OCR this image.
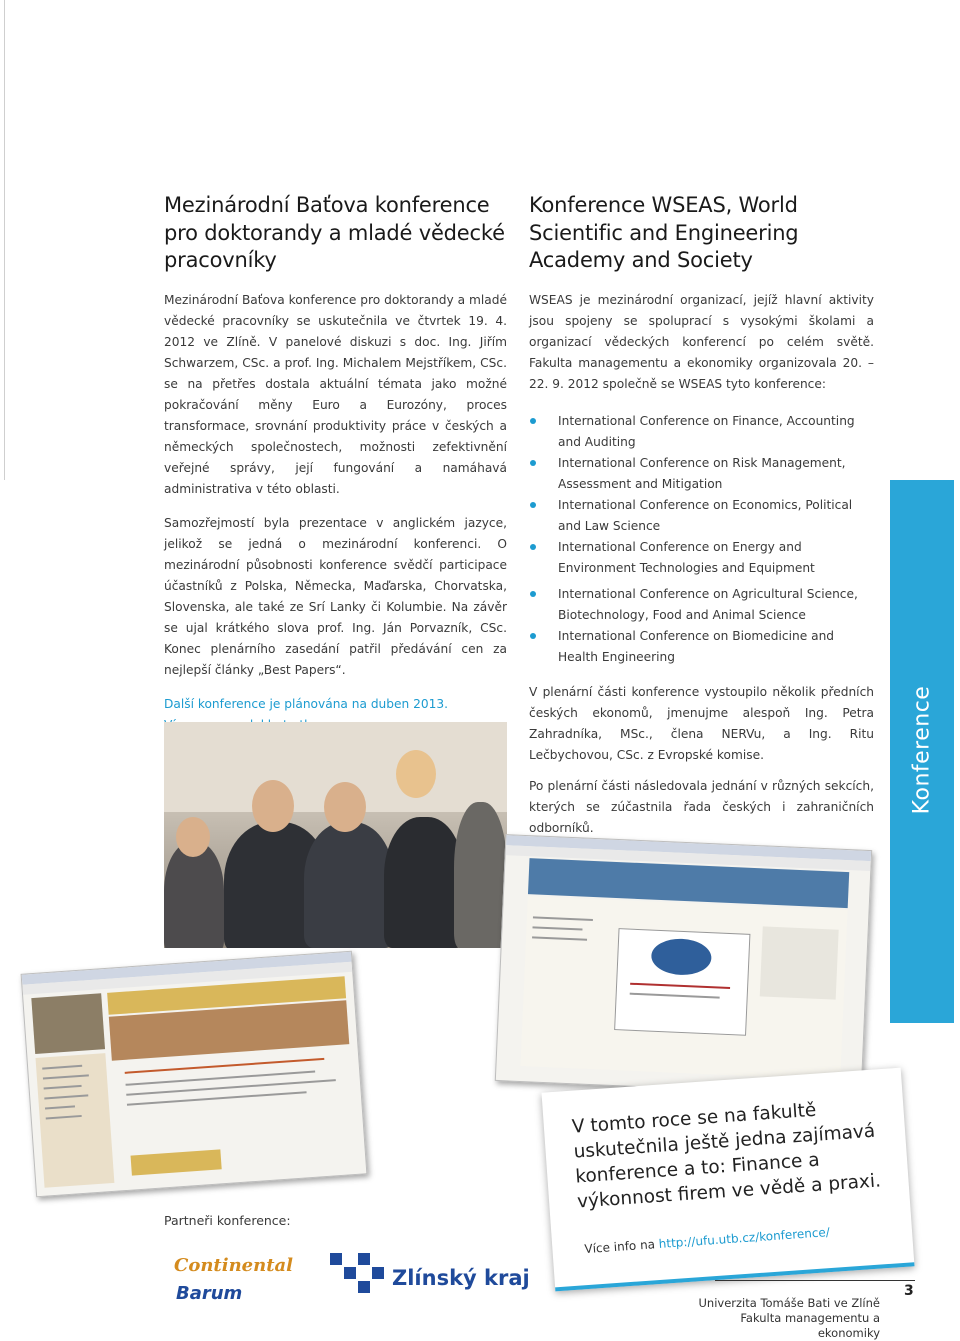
Mezinárodní Baťova konference
pro doktorandy a mladé vědecké
pracovníky

Mezinárodní Baťova konference pro doktorandy a mladé vědecké pracovníky se uskutečnila ve čtvrtek 19. 4. 2012 ve Zlíně. V panelové diskuzi s doc. Ing. Jiřím Schwarzem, CSc. a prof. Ing. Michalem Mejstříkem, CSc. se na přetřes dostala aktuální témata jako možné pokračování měny Euro a Eurozóny, proces transformace, srovnání produktivity práce v českých a německých společnostech, možnosti zefektivnění veřejné správy, její fungování a namáhavá administrativa v této oblasti.

Samozřejmostí byla prezentace v anglickém jazyce, jelikož se jedná o mezinárodní konferenci. O mezinárodní působnosti konference svědčí participace účastníků z Polska, Německa, Maďarska, Chorvatska, Slovenska, ale také ze Srí Lanky či Kolumbie. Na závěr se ujal krátkého slova prof. Ing. Ján Porvazník, CSc. Konec plenárního zasedání patřil předávání cen za nejlepší články „Best Papers“.

Další konference je plánována na duben 2013.

Konference WSEAS, World
Scientific and Engineering
Academy and Society

WSEAS je mezinárodní organizací, jejíž hlavní aktivity jsou spojeny se spoluprací s vysokými školami a organizací vědeckých konferencí po celém světě. Fakulta managementu a ekonomiky organizovala 20. – 22. 9. 2012 společně se WSEAS tyto konference:

International Conference on Finance, Accounting and Auditing
International Conference on Risk Management, Assessment and Mitigation
International Conference on Economics, Political and Law Science
International Conference on Energy and Environment Technologies and Equipment
International Conference on Agricultural Science, Biotechnology, Food and Animal Science
International Conference on Biomedicine and Health Engineering

V plenární části konference vystoupilo několik předních českých ekonomů, jmenujme alespoň Ing. Petra Zahradníka, MSc., člena NERVu, a Ing. Ritu Lečbychovou, CSc. z Evropské komise.

Po plenární části následovala jednání v různých sekcích, kterých se zúčastnila řada českých i zahraničních odborníků.

Konference
V tomto roce se na fakultě uskutečnila ještě jedna zajímavá konference a to: Finance a výkonnost firem ve vědě a praxi.
Více info na http://ufu.utb.cz/konference/
Partneři konference:
Continental
Barum
Zlínský kraj
Univerzita Tomáše Bati ve Zlíně
Fakulta managementu a ekonomiky
3
